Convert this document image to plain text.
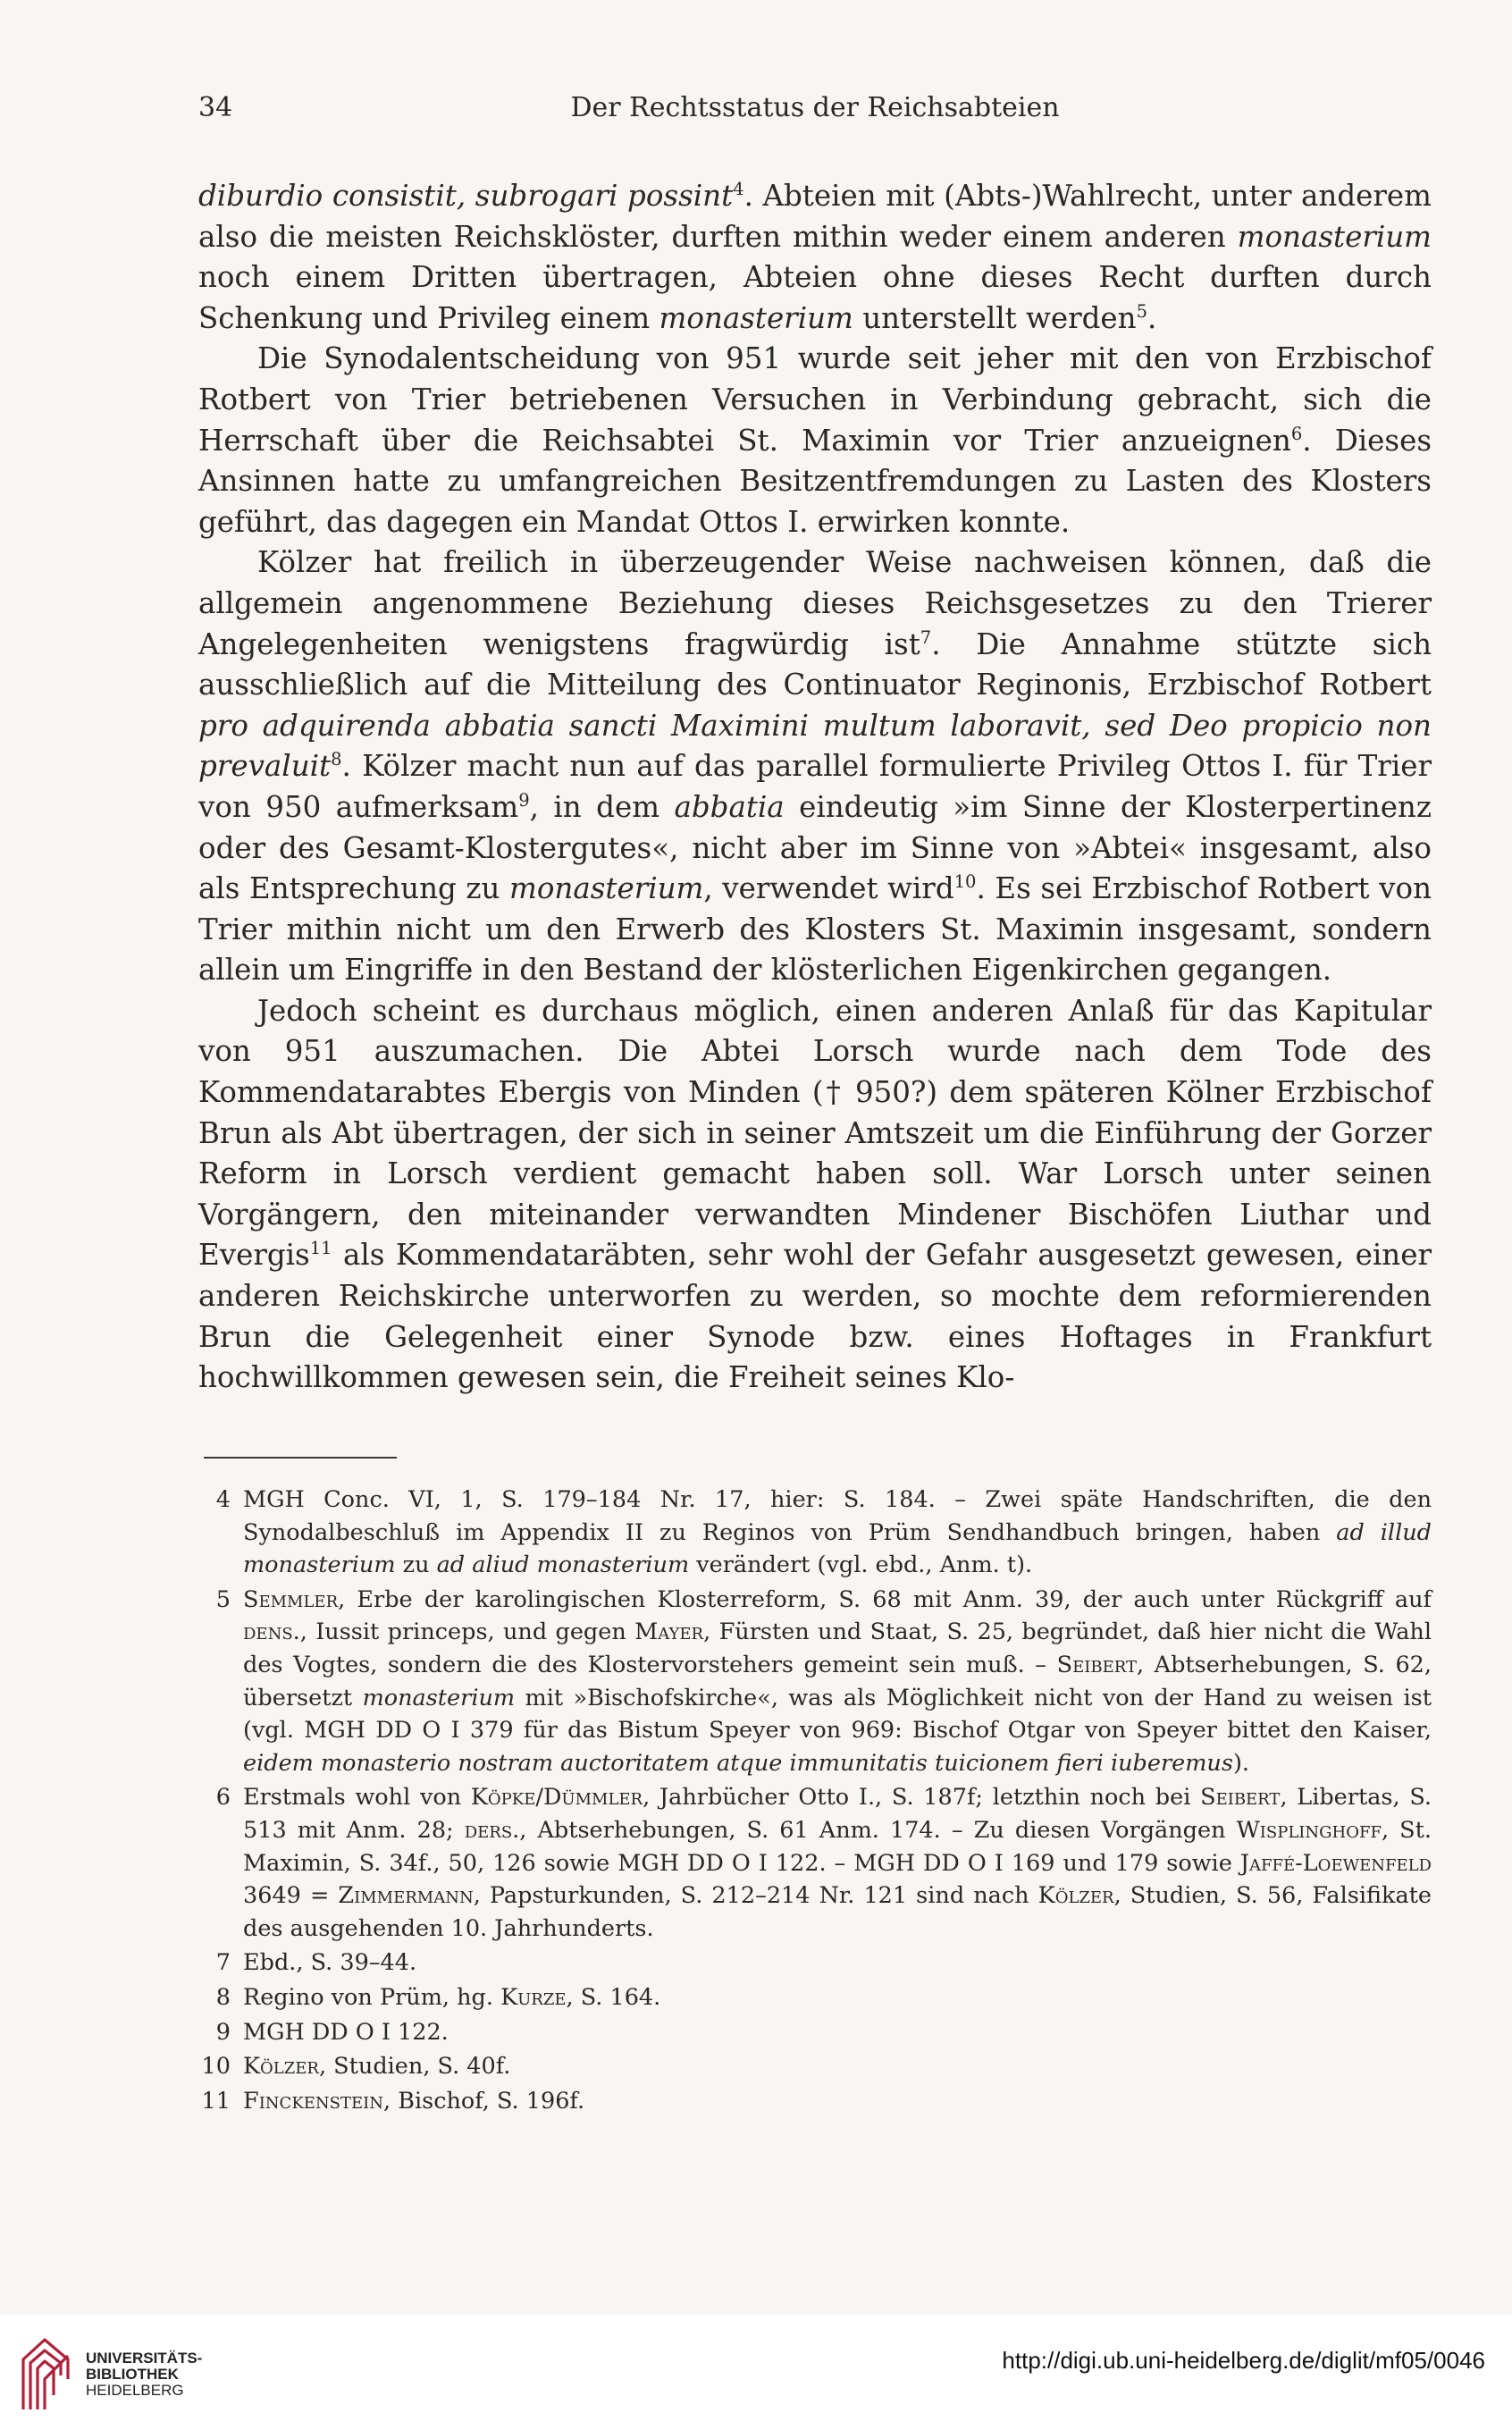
34	Der Rechtsstatus der Reichsabteien

diburdio consistit, subrogari possint$^4$. Abteien mit (Abts-)Wahlrecht, unter anderem also die meisten Reichsklöster, durften mithin weder einem anderen monasterium noch einem Dritten übertragen, Abteien ohne dieses Recht durften durch Schenkung und Privileg einem monasterium unterstellt werden$^5$.

Die Synodalentscheidung von 951 wurde seit jeher mit den von Erzbischof Rotbert von Trier betriebenen Versuchen in Verbindung gebracht, sich die Herrschaft über die Reichsabtei St. Maximin vor Trier anzueignen$^6$. Dieses Ansinnen hatte zu umfangreichen Besitzentfremdungen zu Lasten des Klosters geführt, das dagegen ein Mandat Ottos I. erwirken konnte.

Kölzer hat freilich in überzeugender Weise nachweisen können, daß die allgemein angenommene Beziehung dieses Reichsgesetzes zu den Trierer Angelegenheiten wenigstens fragwürdig ist$^7$. Die Annahme stützte sich ausschließlich auf die Mitteilung des Continuator Reginonis, Erzbischof Rotbert pro adquirenda abbatia sancti Maximini multum laboravit, sed Deo propicio non prevaluit$^8$. Kölzer macht nun auf das parallel formulierte Privileg Ottos I. für Trier von 950 aufmerksam$^9$, in dem abbatia eindeutig »im Sinne der Klosterpertinenz oder des Gesamt-Klostergutes«, nicht aber im Sinne von »Abtei« insgesamt, also als Entsprechung zu monasterium, verwendet wird$^{10}$. Es sei Erzbischof Rotbert von Trier mithin nicht um den Erwerb des Klosters St. Maximin insgesamt, sondern allein um Eingriffe in den Bestand der klösterlichen Eigenkirchen gegangen.

Jedoch scheint es durchaus möglich, einen anderen Anlaß für das Kapitular von 951 auszumachen. Die Abtei Lorsch wurde nach dem Tode des Kommendatarabtes Ebergis von Minden († 950?) dem späteren Kölner Erzbischof Brun als Abt übertragen, der sich in seiner Amtszeit um die Einführung der Gorzer Reform in Lorsch verdient gemacht haben soll. War Lorsch unter seinen Vorgängern, den miteinander verwandten Mindener Bischöfen Liuthar und Evergis$^{11}$ als Kommendataräbten, sehr wohl der Gefahr ausgesetzt gewesen, einer anderen Reichskirche unterworfen zu werden, so mochte dem reformierenden Brun die Gelegenheit einer Synode bzw. eines Hoftages in Frankfurt hochwillkommen gewesen sein, die Freiheit seines Klo-

4 MGH Conc. VI, 1, S. 179–184 Nr. 17, hier: S. 184. – Zwei späte Handschriften, die den Synodalbeschluß im Appendix II zu Reginos von Prüm Sendhandbuch bringen, haben ad illud monasterium zu ad aliud monasterium verändert (vgl. ebd., Anm. t).
5 Semmler, Erbe der karolingischen Klosterreform, S. 68 mit Anm. 39, der auch unter Rückgriff auf dens., Iussit princeps, und gegen Mayer, Fürsten und Staat, S. 25, begründet, daß hier nicht die Wahl des Vogtes, sondern die des Klostervorstehers gemeint sein muß. – Seibert, Abtserhebungen, S. 62, übersetzt monasterium mit »Bischofskirche«, was als Möglichkeit nicht von der Hand zu weisen ist (vgl. MGH DD O I 379 für das Bistum Speyer von 969: Bischof Otgar von Speyer bittet den Kaiser, eidem monasterio nostram auctoritatem atque immunitatis tuicionem fieri iuberemus).
6 Erstmals wohl von Köpke/Dümmler, Jahrbücher Otto I., S. 187f; letzthin noch bei Seibert, Libertas, S. 513 mit Anm. 28; ders., Abtserhebungen, S. 61 Anm. 174. – Zu diesen Vorgängen Wisplinghoff, St. Maximin, S. 34f., 50, 126 sowie MGH DD O I 122. – MGH DD O I 169 und 179 sowie Jaffé-Loewenfeld 3649 = Zimmermann, Papsturkunden, S. 212–214 Nr. 121 sind nach Kölzer, Studien, S. 56, Falsifikate des ausgehenden 10. Jahrhunderts.
7 Ebd., S. 39–44.
8 Regino von Prüm, hg. Kurze, S. 164.
9 MGH DD O I 122.
10 Kölzer, Studien, S. 40f.
11 Finckenstein, Bischof, S. 196f.
UNIVERSITÄTS-
BIBLIOTHEK
HEIDELBERG
http://digi.ub.uni-heidelberg.de/diglit/mf05/0046
